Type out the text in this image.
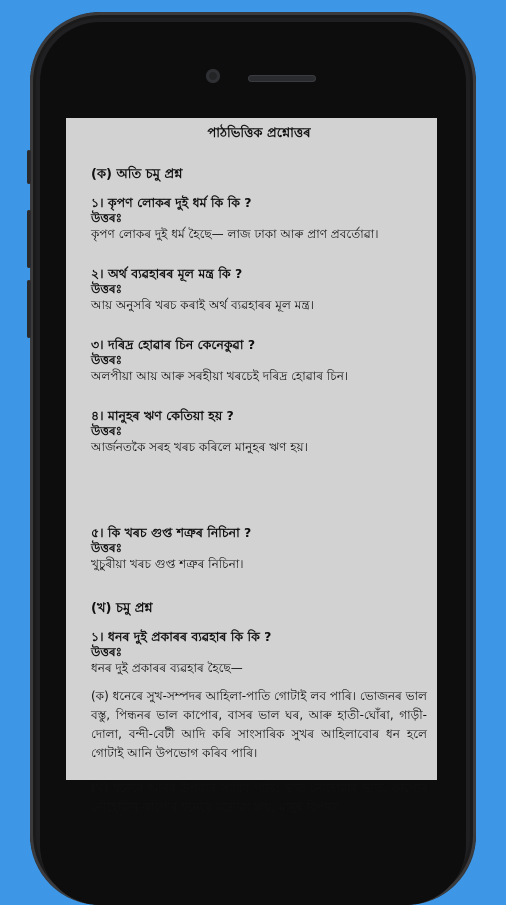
পাঠভিত্তিক প্ৰশ্নোত্তৰ

(ক) অতি চমু প্ৰশ্ন

১। কৃপণ লোকৰ দুই ধৰ্ম কি কি ?

উত্তৰঃ

কৃপণ লোকৰ দুই ধৰ্ম হৈছে— লাজ ঢাকা আৰু প্ৰাণ প্ৰবৰ্তোৱা।

২। অৰ্থ ব্যৱহাৰৰ মূল মন্ত্ৰ কি ?

উত্তৰঃ

আয় অনুসৰি খৰচ কৰাই অৰ্থ ব্যৱহাৰৰ মূল মন্ত্ৰ।

৩। দৰিদ্ৰ হোৱাৰ চিন কেনেকুৱা ?

উত্তৰঃ

অলপীয়া আয় আৰু সৰহীয়া খৰচেই দৰিদ্ৰ হোৱাৰ চিন।

৪। মানুহৰ ঋণ কেতিয়া হয় ?

উত্তৰঃ

আৰ্জনতকৈ সৰহ খৰচ কৰিলে মানুহৰ ঋণ হয়।

৫। কি খৰচ গুপ্ত শত্ৰুৰ নিচিনা ?

উত্তৰঃ

খুচুৰীয়া খৰচ গুপ্ত শত্ৰুৰ নিচিনা।

(খ) চমু প্ৰশ্ন

১। ধনৰ দুই প্ৰকাৰৰ ব্যৱহাৰ কি কি ?

উত্তৰঃ

ধনৰ দুই প্ৰকাৰৰ ব্যৱহাৰ হৈছে—

(ক) ধনেৰে সুখ-সম্পদৰ আহিলা-পাতি গোটাই লব পাৰি। ভোজনৰ ভাল বস্তু, পিন্ধনৰ ভাল কাপোৰ, বাসৰ ভাল ঘৰ, আৰু হাতী-ঘোঁৰা, গাড়ী-দোলা, বন্দী-বেটী আদি কৰি সাংসাৰিক সুখৰ আহিলাবোৰ ধন হলে গোটাই আনি উপভোগ কৰিব পাৰি।

(খ) ধনেৰে আনৰ উপকাৰ সাধিব পাৰি; ভাত নোহোৱাৰ ভাত, কাপোৰ নোহোৱাৰ কাপোৰ ধনেৰে যতোৱা যায়, মানুহ বিপদত
